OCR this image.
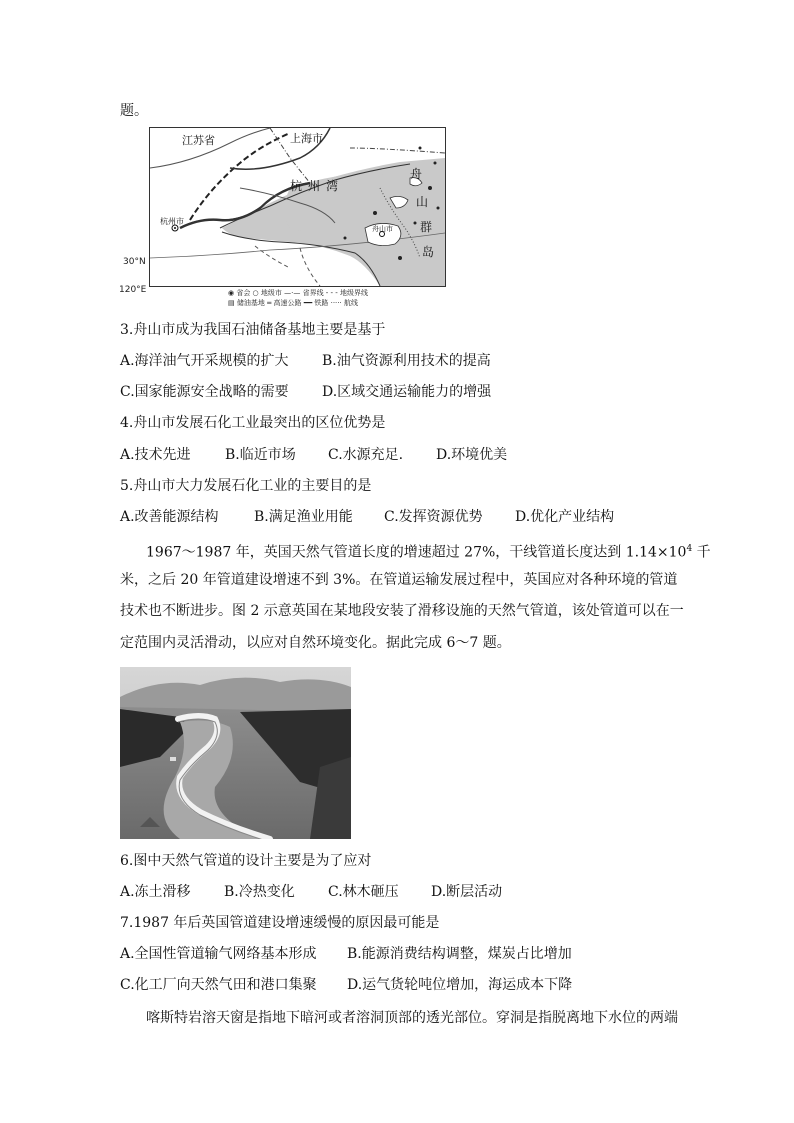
题。
江苏省	上海市
杭州湾
杭州市
舟山市
舟
山
群
岛
30°N
120°E	◉ 省会 ○ 地级市 —·— 省界线 - - - 地级界线
▤ 储油基地 ═ 高速公路 ━━ 铁路 ····· 航线
3.舟山市成为我国石油储备基地主要是基于
A.海洋油气开采规模的扩大 B.油气资源利用技术的提高
C.国家能源安全战略的需要 D.区域交通运输能力的增强
4.舟山市发展石化工业最突出的区位优势是
A.技术先进 B.临近市场 C.水源充足. D.环境优美
5.舟山市大力发展石化工业的主要目的是
A.改善能源结构	B.满足渔业用能 C.发挥资源优势 D.优化产业结构
1967～1987 年，英国天然气管道长度的增速超过 27%，干线管道长度达到 $1.14\times 10^4$ 千
米，之后 20 年管道建设增速不到 3%。在管道运输发展过程中，英国应对各种环境的管道
技术也不断进步。图 2 示意英国在某地段安装了滑移设施的天然气管道，该处管道可以在一
定范围内灵活滑动，以应对自然环境变化。据此完成 6～7 题。
6.图中天然气管道的设计主要是为了应对
A.冻土滑移 B.冷热变化 C.林木砸压 D.断层活动
7.1987 年后英国管道建设增速缓慢的原因最可能是
A.全国性管道输气网络基本形成 B.能源消费结构调整，煤炭占比增加
C.化工厂向天然气田和港口集聚 D.运气货轮吨位增加，海运成本下降
喀斯特岩溶天窗是指地下暗河或者溶洞顶部的透光部位。穿洞是指脱离地下水位的两端
